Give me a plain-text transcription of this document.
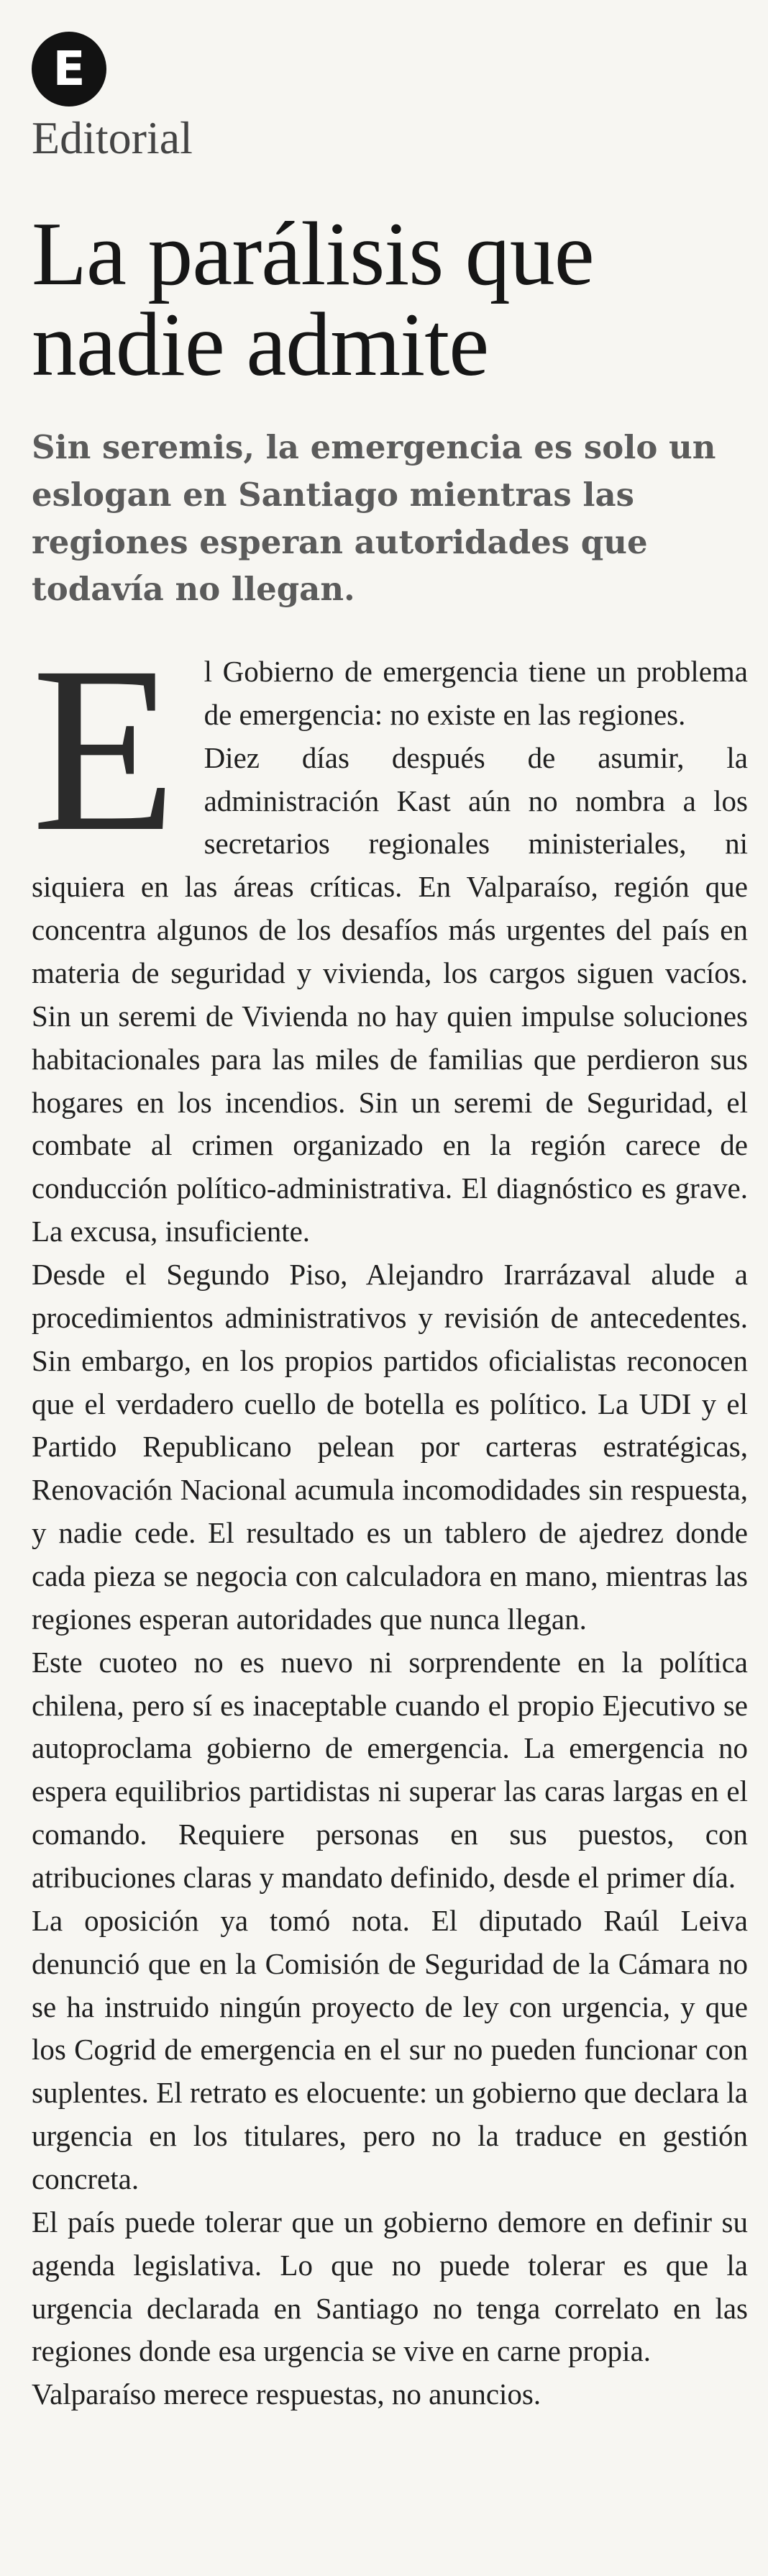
E
Editorial
La parálisis que nadie admite
Sin seremis, la emergencia es solo un eslogan en Santiago mientras las regiones esperan autoridades que todavía no llegan.

El Gobierno de emergencia tiene un problema de emergencia: no existe en las regiones.

Diez días después de asumir, la administración Kast aún no nombra a los secretarios regionales ministeriales, ni siquiera en las áreas críticas. En Valparaíso, región que concentra algunos de los desafíos más urgentes del país en materia de seguridad y vivienda, los cargos siguen vacíos. Sin un seremi de Vivienda no hay quien impulse soluciones habitacionales para las miles de familias que perdieron sus hogares en los incendios. Sin un seremi de Seguridad, el combate al crimen organizado en la región carece de conducción político-administrativa. El diagnóstico es grave. La excusa, insuficiente.

Desde el Segundo Piso, Alejandro Irarrázaval alude a procedimientos administrativos y revisión de antecedentes. Sin embargo, en los propios partidos oficialistas reconocen que el verdadero cuello de botella es político. La UDI y el Partido Republicano pelean por carteras estratégicas, Renovación Nacional acumula incomodidades sin respuesta, y nadie cede. El resultado es un tablero de ajedrez donde cada pieza se negocia con calculadora en mano, mientras las regiones esperan autoridades que nunca llegan.

Este cuoteo no es nuevo ni sorprendente en la política chilena, pero sí es inaceptable cuando el propio Ejecutivo se autoproclama gobierno de emergencia. La emergencia no espera equilibrios partidistas ni superar las caras largas en el comando. Requiere personas en sus puestos, con atribuciones claras y mandato definido, desde el primer día.

La oposición ya tomó nota. El diputado Raúl Leiva denunció que en la Comisión de Seguridad de la Cámara no se ha instruido ningún proyecto de ley con urgencia, y que los Cogrid de emergencia en el sur no pueden funcionar con suplentes. El retrato es elocuente: un gobierno que declara la urgencia en los titulares, pero no la traduce en gestión concreta.

El país puede tolerar que un gobierno demore en definir su agenda legislativa. Lo que no puede tolerar es que la urgencia declarada en Santiago no tenga correlato en las regiones donde esa urgencia se vive en carne propia.

Valparaíso merece respuestas, no anuncios.
